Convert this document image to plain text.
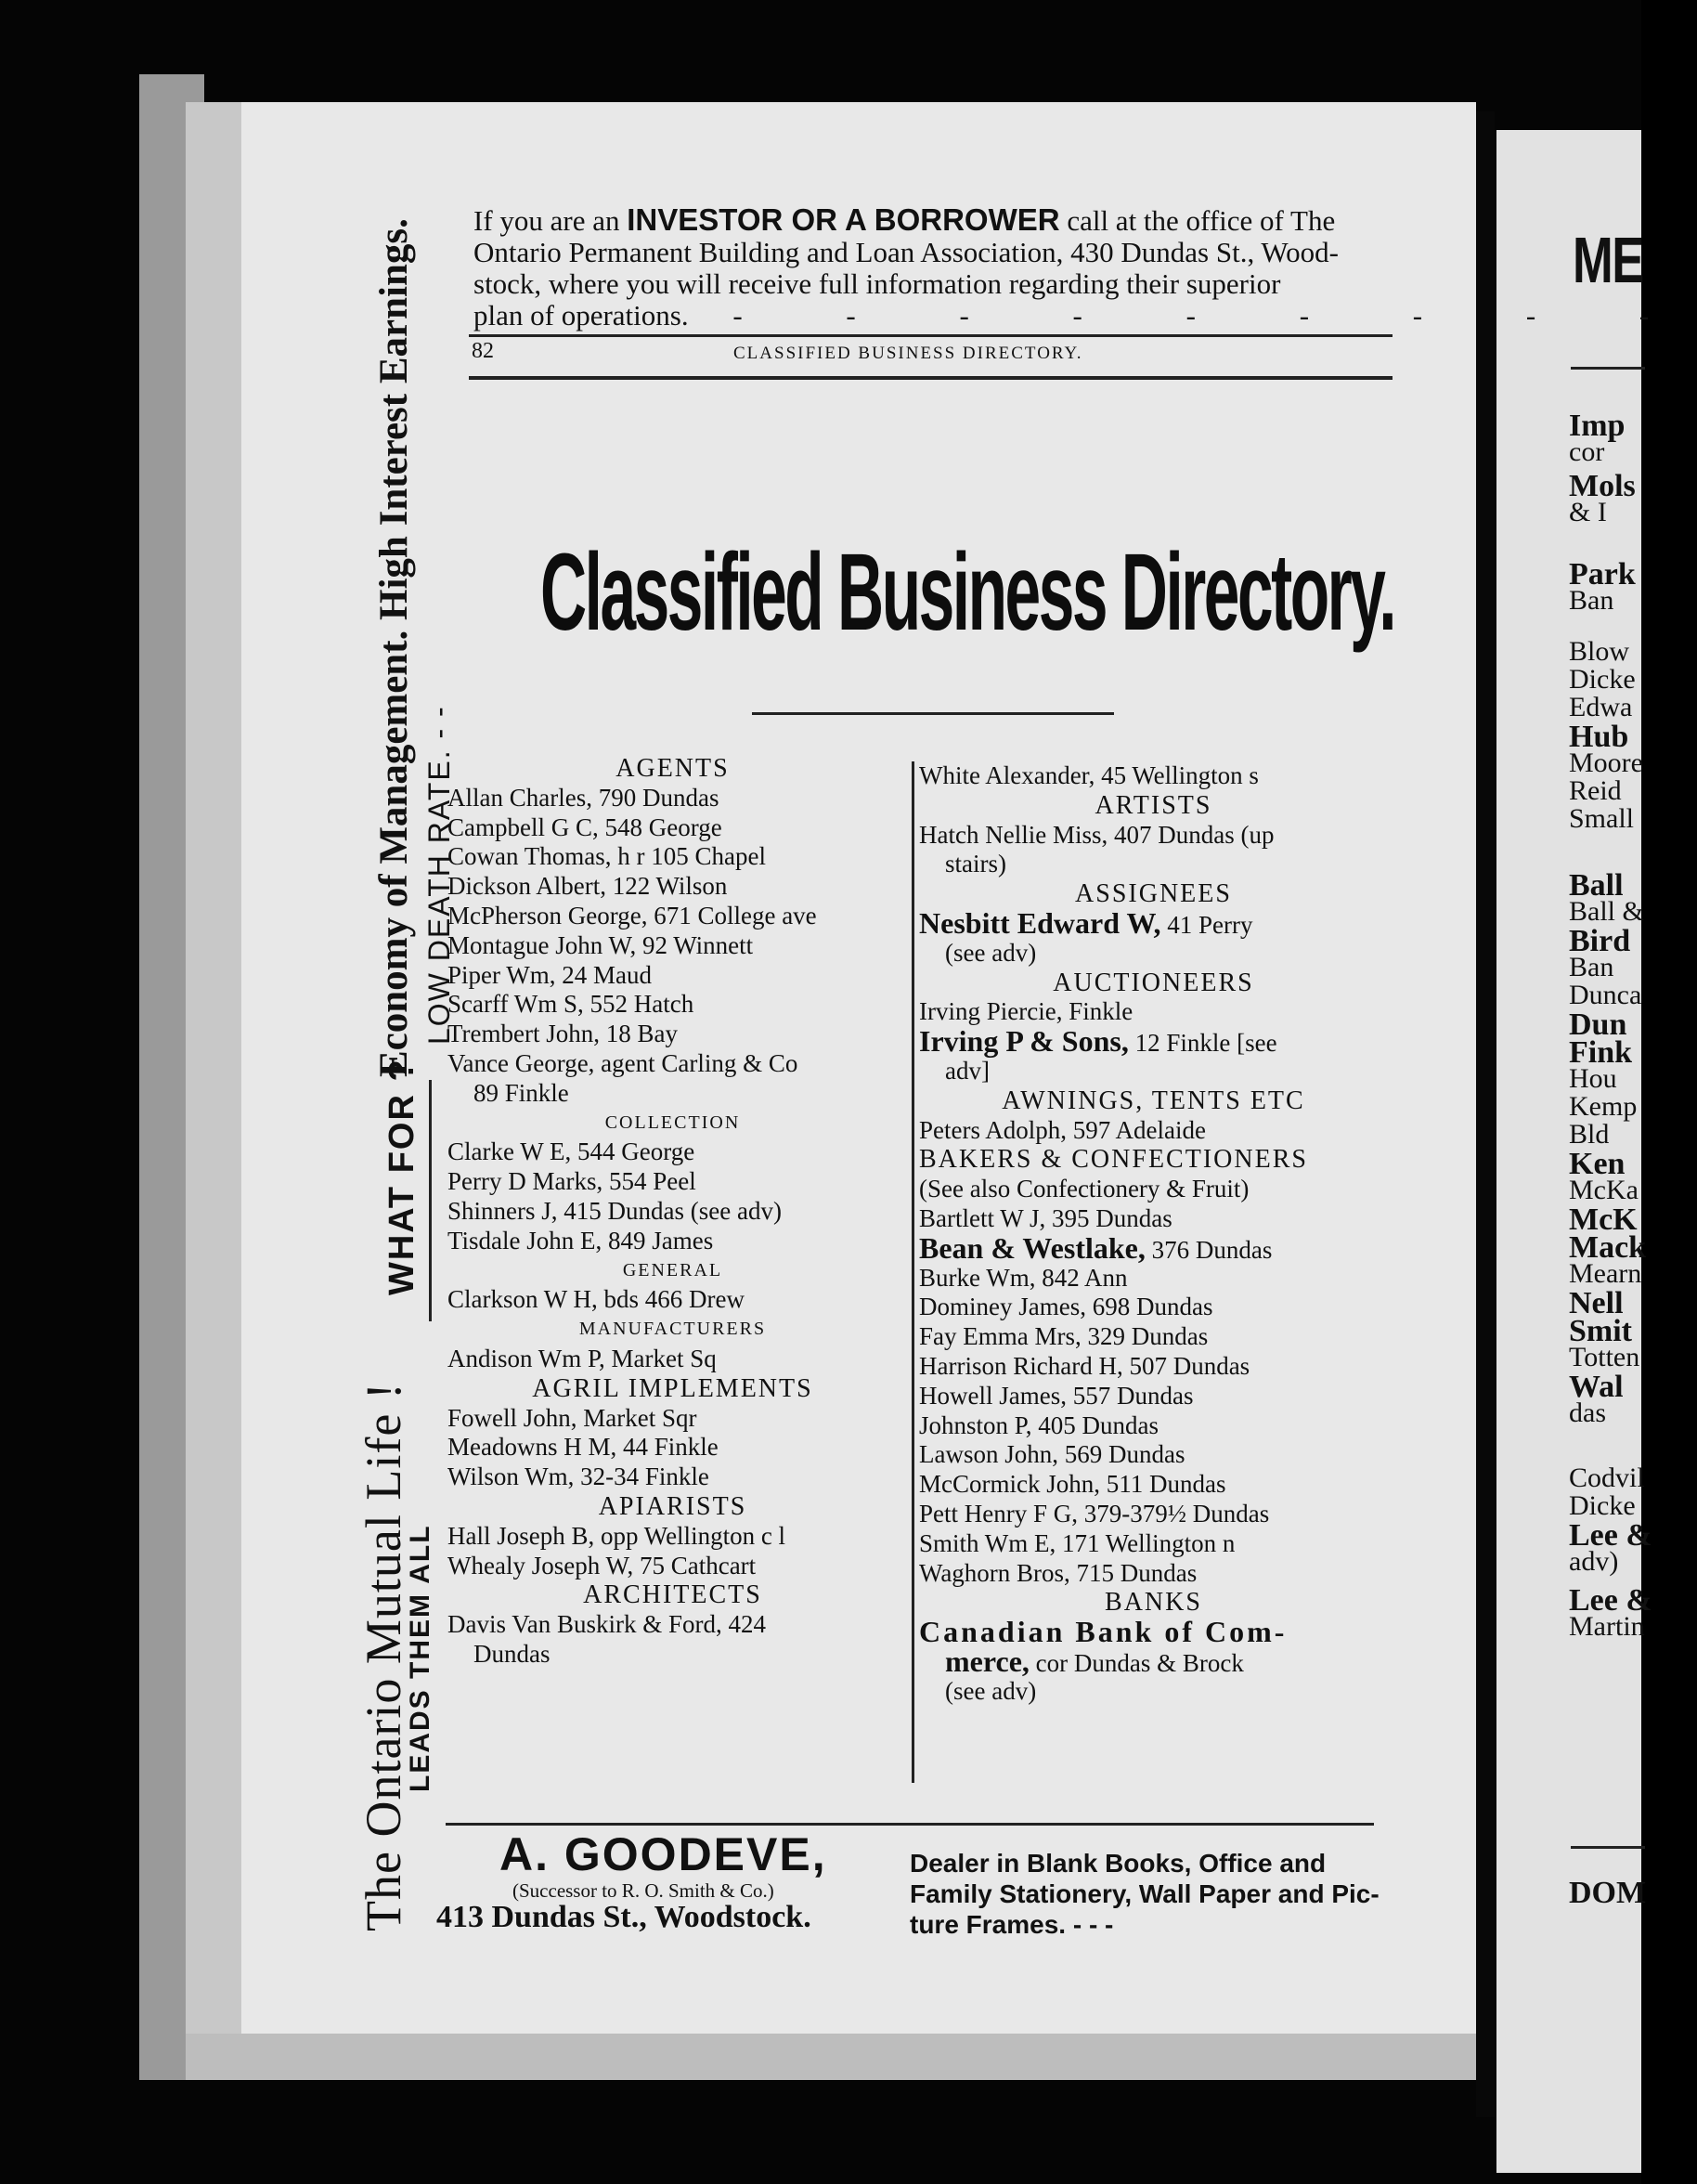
ME
Imp
cor
Mols
& I
Park
Ban
Blow
Dicke
Edwa
Hub
Moore
Reid
Small
Ball
Ball &
Bird
Ban
Dunca
Dun
Fink
Hou
Kemp
Bld
Ken
McKa
McK
Mack
Mearn
Nell
Smit
Totten
Wal
das
Codvil
Dicke
Lee &
adv)
Lee &
Martin
DOM
Economy of Management. High Interest Earnings. LOW DEATH RATE. - -
WHAT FOR ?
The Ontario Mutual Life !
LEADS THEM ALL
If you are an INVESTOR OR A BORROWER call at the office of The
Ontario Permanent Building and Loan Association, 430 Dundas St., Wood-
stock, where you will receive full information regarding their superior
plan of operations. - - - - - - - - -
82	CLASSIFIED BUSINESS DIRECTORY.
Classified Business Directory.
AGENTS
Allan Charles, 790 Dundas
Campbell G C, 548 George
Cowan Thomas, h r 105 Chapel
Dickson Albert, 122 Wilson
McPherson George, 671 College ave
Montague John W, 92 Winnett
Piper Wm, 24 Maud
Scarff Wm S, 552 Hatch
Trembert John, 18 Bay
Vance George, agent Carling & Co
89 Finkle
COLLECTION
Clarke W E, 544 George
Perry D Marks, 554 Peel
Shinners J, 415 Dundas (see adv)
Tisdale John E, 849 James
GENERAL
Clarkson W H, bds 466 Drew
MANUFACTURERS
Andison Wm P, Market Sq
AGRIL IMPLEMENTS
Fowell John, Market Sqr
Meadowns H M, 44 Finkle
Wilson Wm, 32-34 Finkle
APIARISTS
Hall Joseph B, opp Wellington c l
Whealy Joseph W, 75 Cathcart
ARCHITECTS
Davis Van Buskirk & Ford, 424
Dundas
White Alexander, 45 Wellington s
ARTISTS
Hatch Nellie Miss, 407 Dundas (up
stairs)
ASSIGNEES
Nesbitt Edward W, 41 Perry
(see adv)
AUCTIONEERS
Irving Piercie, Finkle
Irving P & Sons, 12 Finkle [see
adv]
AWNINGS, TENTS ETC
Peters Adolph, 597 Adelaide
BAKERS & CONFECTIONERS
(See also Confectionery & Fruit)
Bartlett W J, 395 Dundas
Bean & Westlake, 376 Dundas
Burke Wm, 842 Ann
Dominey James, 698 Dundas
Fay Emma Mrs, 329 Dundas
Harrison Richard H, 507 Dundas
Howell James, 557 Dundas
Johnston P, 405 Dundas
Lawson John, 569 Dundas
McCormick John, 511 Dundas
Pett Henry F G, 379-379½ Dundas
Smith Wm E, 171 Wellington n
Waghorn Bros, 715 Dundas
BANKS
Canadian Bank of Com-
merce, cor Dundas & Brock
(see adv)
A. GOODEVE,
(Successor to R. O. Smith & Co.)
413 Dundas St., Woodstock.
Dealer in Blank Books, Office and
Family Stationery, Wall Paper and Pic-
ture Frames. - - -
